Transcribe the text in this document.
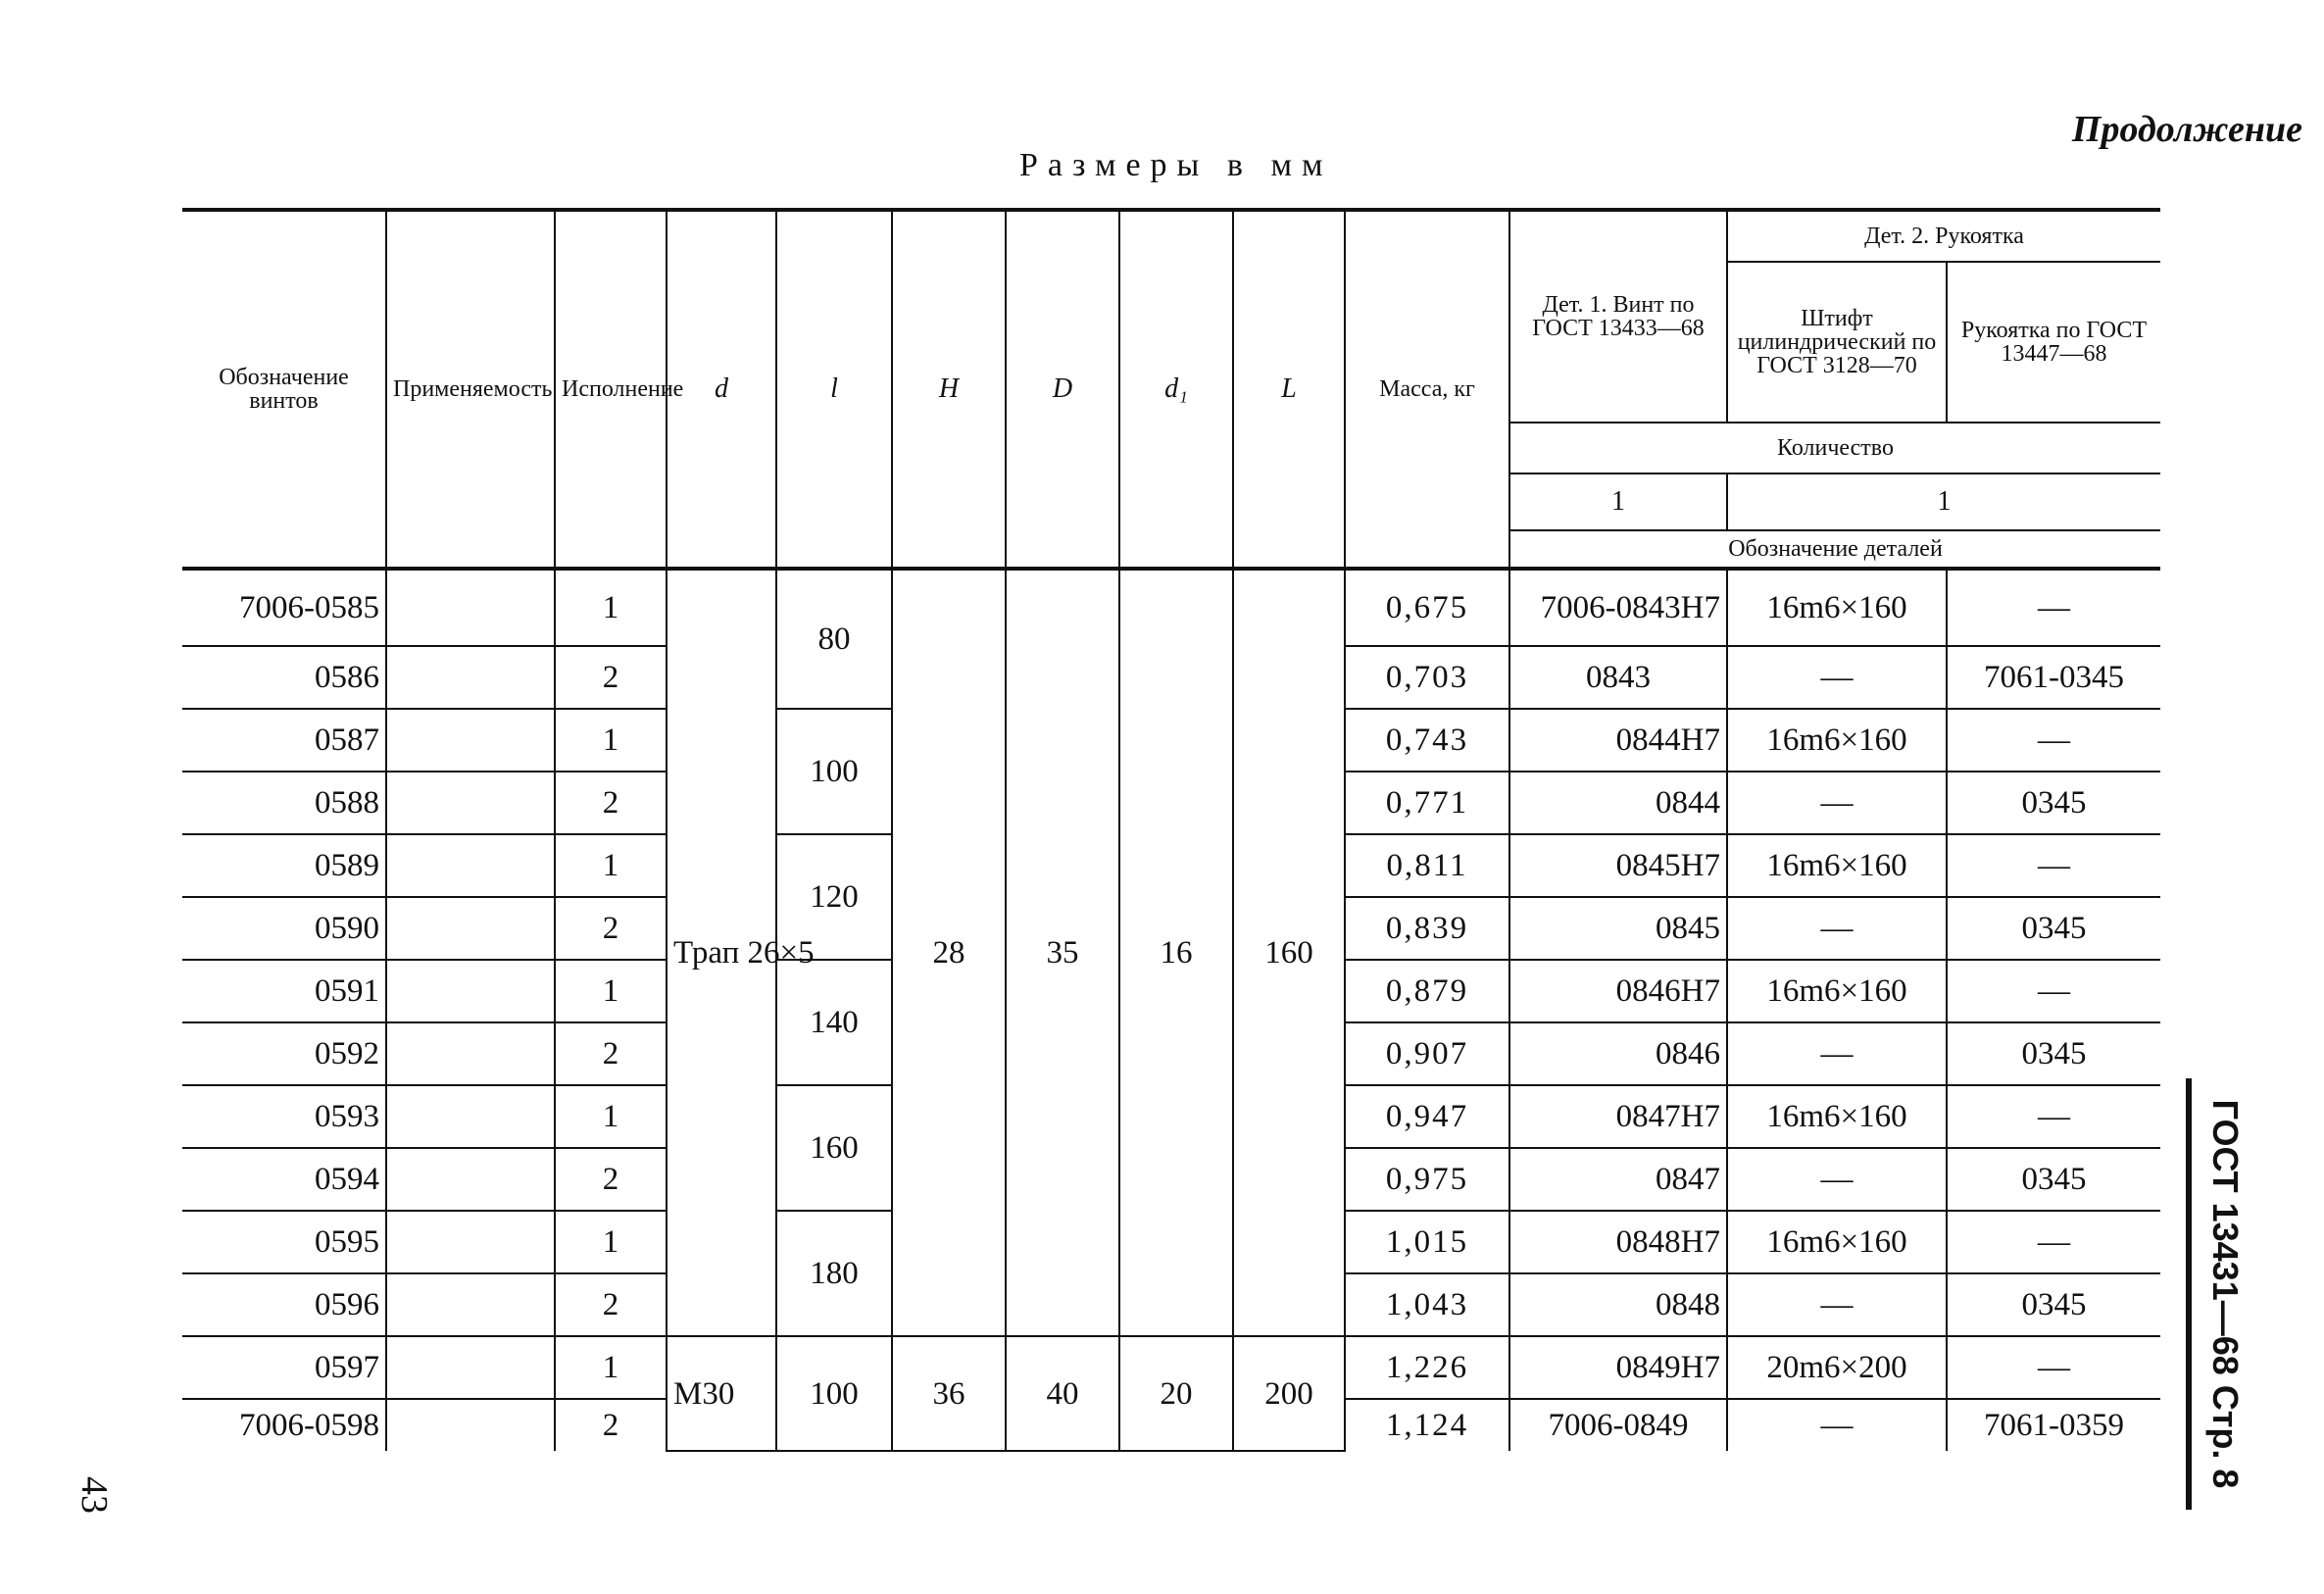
Продолжение
Размеры в мм
Обозначение винтов	Применяемость	Исполнение	d	l	H	D	d₁	L	Масса, кг	Дет. 1. Винт по ГОСТ 13433—68	Дет. 2. Рукоятка	
											Штифт цилиндрический по ГОСТ 3128—70	Рукоятка по ГОСТ 13447—68
										Количество		
										1	1	
										Обозначение деталей		
7006-0585		1	Трап 26×5	80	28	35	16	160	0,675	7006-0843Н7	16m6×160	—
0586		2							0,703	0843	—	7061-0345
0587		1		100					0,743	0844Н7	16m6×160	—
0588		2							0,771	0844	—	0345
0589		1		120					0,811	0845Н7	16m6×160	—
0590		2							0,839	0845	—	0345
0591		1		140					0,879	0846Н7	16m6×160	—
0592		2							0,907	0846	—	0345
0593		1		160					0,947	0847Н7	16m6×160	—
0594		2							0,975	0847	—	0345
0595		1		180					1,015	0848Н7	16m6×160	—
0596		2							1,043	0848	—	0345
0597		1	М30	100	36	40	20	200	1,226	0849Н7	20m6×200	—
7006-0598		2							1,124	7006-0849	—	7061-0359 ГОСТ 13431—68 Стр. 8
43
